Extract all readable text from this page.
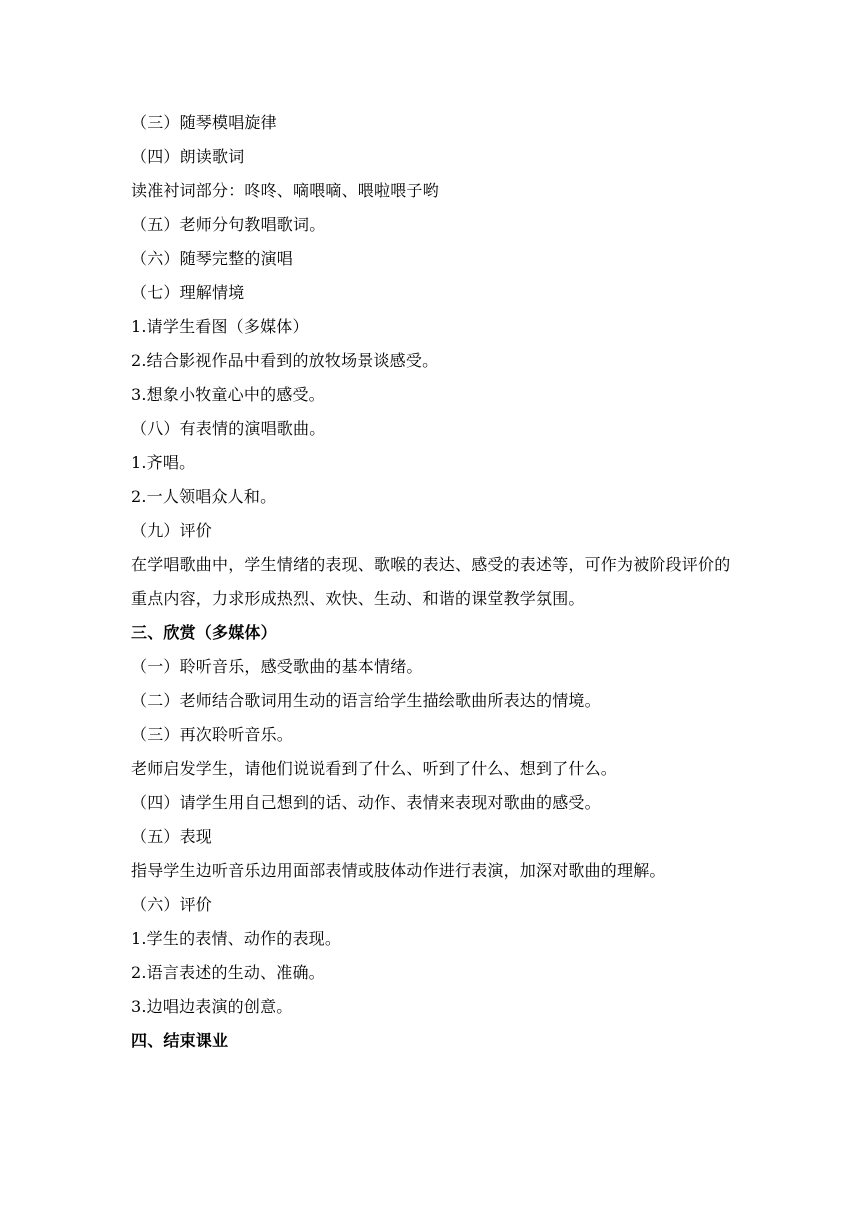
（三）随琴模唱旋律
（四）朗读歌词
读准衬词部分：咚咚、嘀喂嘀、喂啦喂子哟
（五）老师分句教唱歌词。
（六）随琴完整的演唱
（七）理解情境
1.请学生看图（多媒体）
2.结合影视作品中看到的放牧场景谈感受。
3.想象小牧童心中的感受。
（八）有表情的演唱歌曲。
1.齐唱。
2.一人领唱众人和。
（九）评价
在学唱歌曲中，学生情绪的表现、歌喉的表达、感受的表述等，可作为被阶段评价的重点内容，力求形成热烈、欢快、生动、和谐的课堂教学氛围。
三、欣赏（多媒体）
（一）聆听音乐，感受歌曲的基本情绪。
（二）老师结合歌词用生动的语言给学生描绘歌曲所表达的情境。
（三）再次聆听音乐。
老师启发学生，请他们说说看到了什么、听到了什么、想到了什么。
（四）请学生用自己想到的话、动作、表情来表现对歌曲的感受。
（五）表现
指导学生边听音乐边用面部表情或肢体动作进行表演，加深对歌曲的理解。
（六）评价
1.学生的表情、动作的表现。
2.语言表述的生动、准确。
3.边唱边表演的创意。
四、结束课业
